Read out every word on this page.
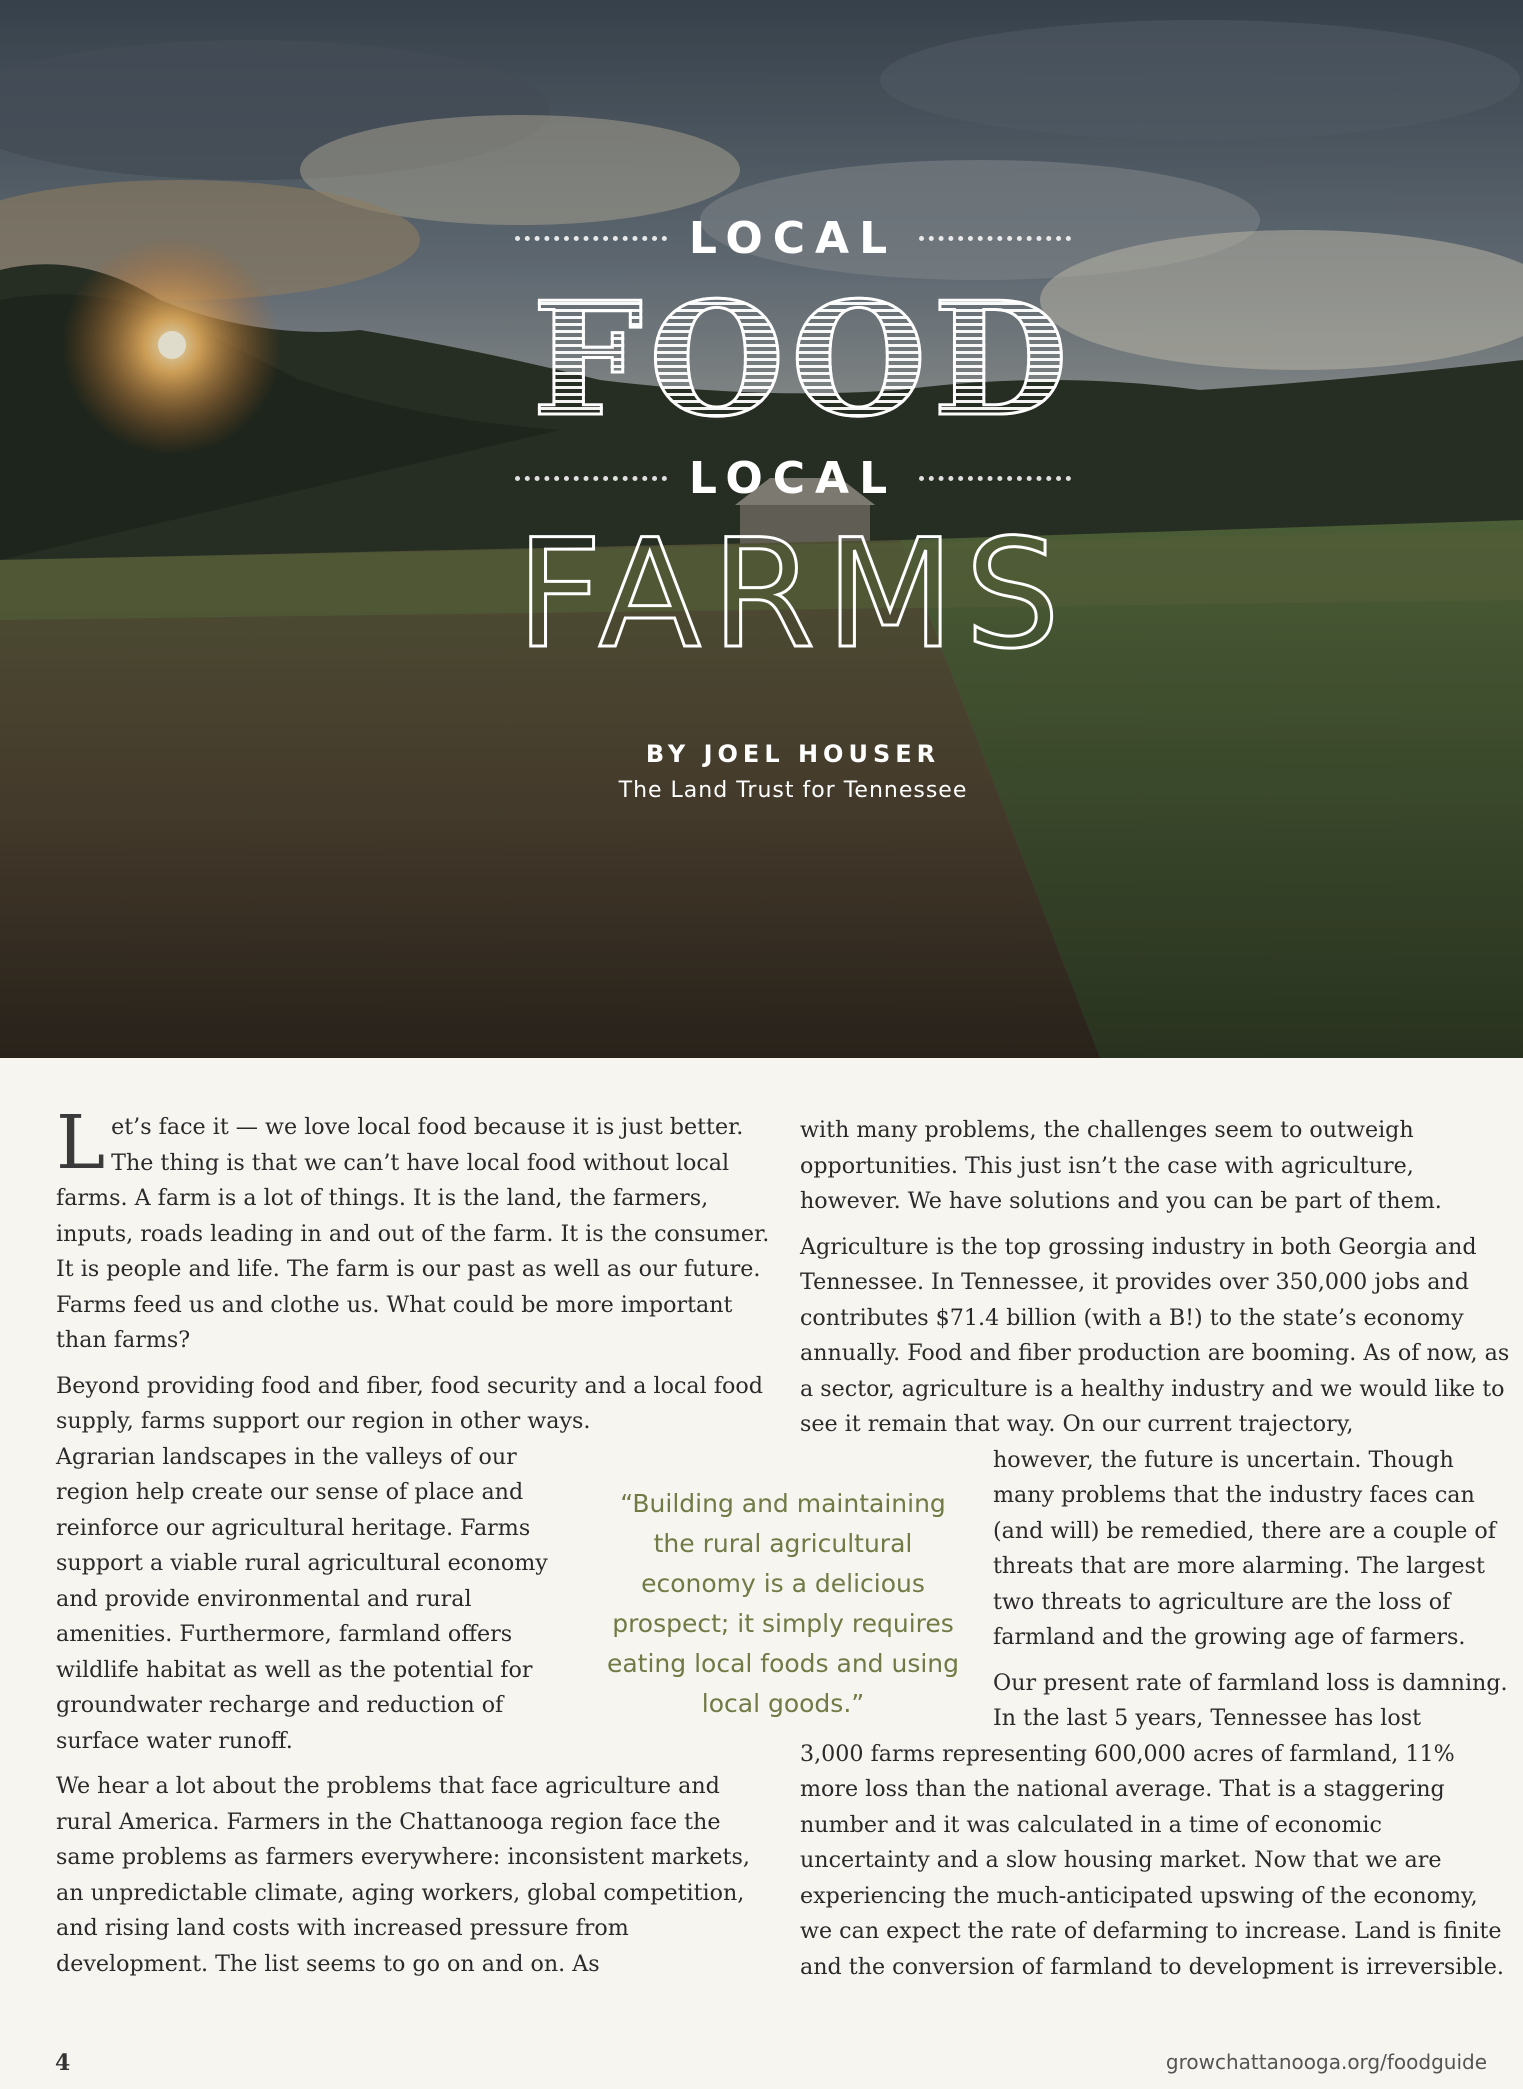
LOCAL
FOOD
LOCAL
FARMS
BY JOEL HOUSER
The Land Trust for Tennessee

Let’s face it — we love local food because it is just better. The thing is that we can’t have local food without local farms. A farm is a lot of things. It is the land, the farmers, inputs, roads leading in and out of the farm. It is the consumer. It is people and life. The farm is our past as well as our future. Farms feed us and clothe us. What could be more important than farms?

Beyond providing food and fiber, food security and a local food supply, farms support our region in other ways.

Agrarian landscapes in the valleys of our region help create our sense of place and reinforce our agricultural heritage. Farms support a viable rural agricultural economy and provide environmental and rural amenities. Furthermore, farmland offers wildlife habitat as well as the potential for groundwater recharge and reduction of surface water runoff.

We hear a lot about the problems that face agriculture and rural America. Farmers in the Chattanooga region face the same problems as farmers everywhere: inconsistent markets, an unpredictable climate, aging workers, global competition, and rising land costs with increased pressure from development. The list seems to go on and on. As

“Building and maintaining the rural agricultural economy is a delicious prospect; it simply requires eating local foods and using local goods.”

with many problems, the challenges seem to outweigh opportunities. This just isn’t the case with agriculture, however. We have solutions and you can be part of them.

Agriculture is the top grossing industry in both Georgia and Tennessee. In Tennessee, it provides over 350,000 jobs and contributes $71.4 billion (with a B!) to the state’s economy annually. Food and fiber production are booming. As of now, as a sector, agriculture is a healthy industry and we would like to see it remain that way. On our current trajectory,

however, the future is uncertain. Though many problems that the industry faces can (and will) be remedied, there are a couple of threats that are more alarming. The largest two threats to agriculture are the loss of farmland and the growing age of farmers.

Our present rate of farmland loss is damning. In the last 5 years, Tennessee has lost

3,000 farms representing 600,000 acres of farmland, 11% more loss than the national average. That is a staggering number and it was calculated in a time of economic uncertainty and a slow housing market. Now that we are experiencing the much-anticipated upswing of the economy, we can expect the rate of defarming to increase. Land is finite and the conversion of farmland to development is irreversible.

4	growchattanooga.org/foodguide
